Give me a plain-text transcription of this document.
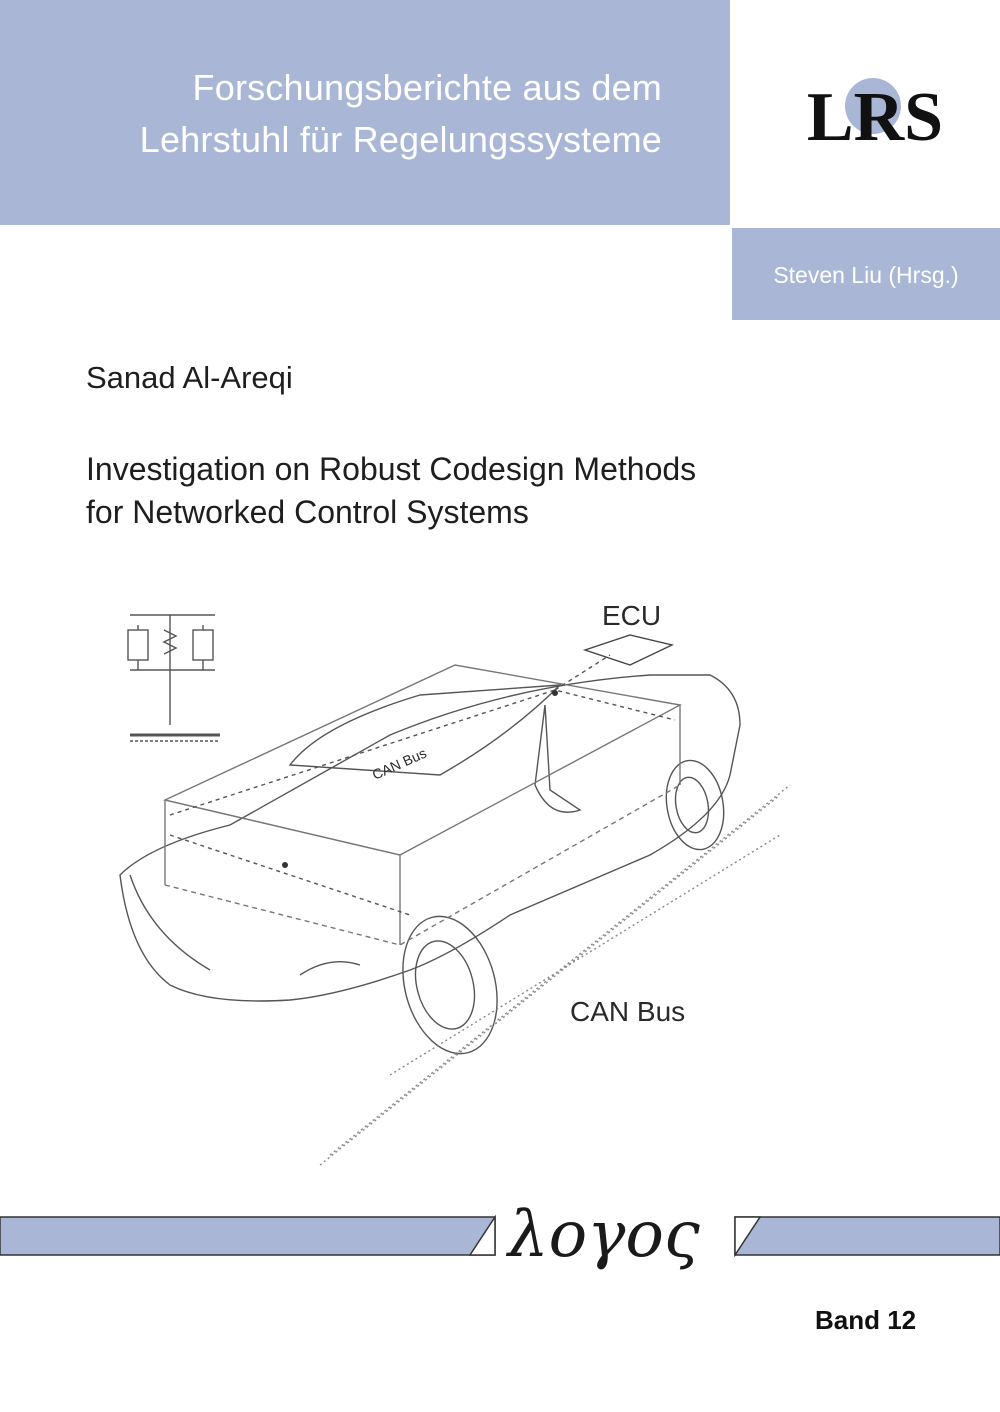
Forschungsberichte aus dem
Lehrstuhl für Regelungssysteme LRS
Steven Liu (Hrsg.)
Sanad Al-Areqi
Investigation on Robust Codesign Methods
for Networked Control Systems
ECU
CAN Bus
CAN Bus
λογος
Band 12
